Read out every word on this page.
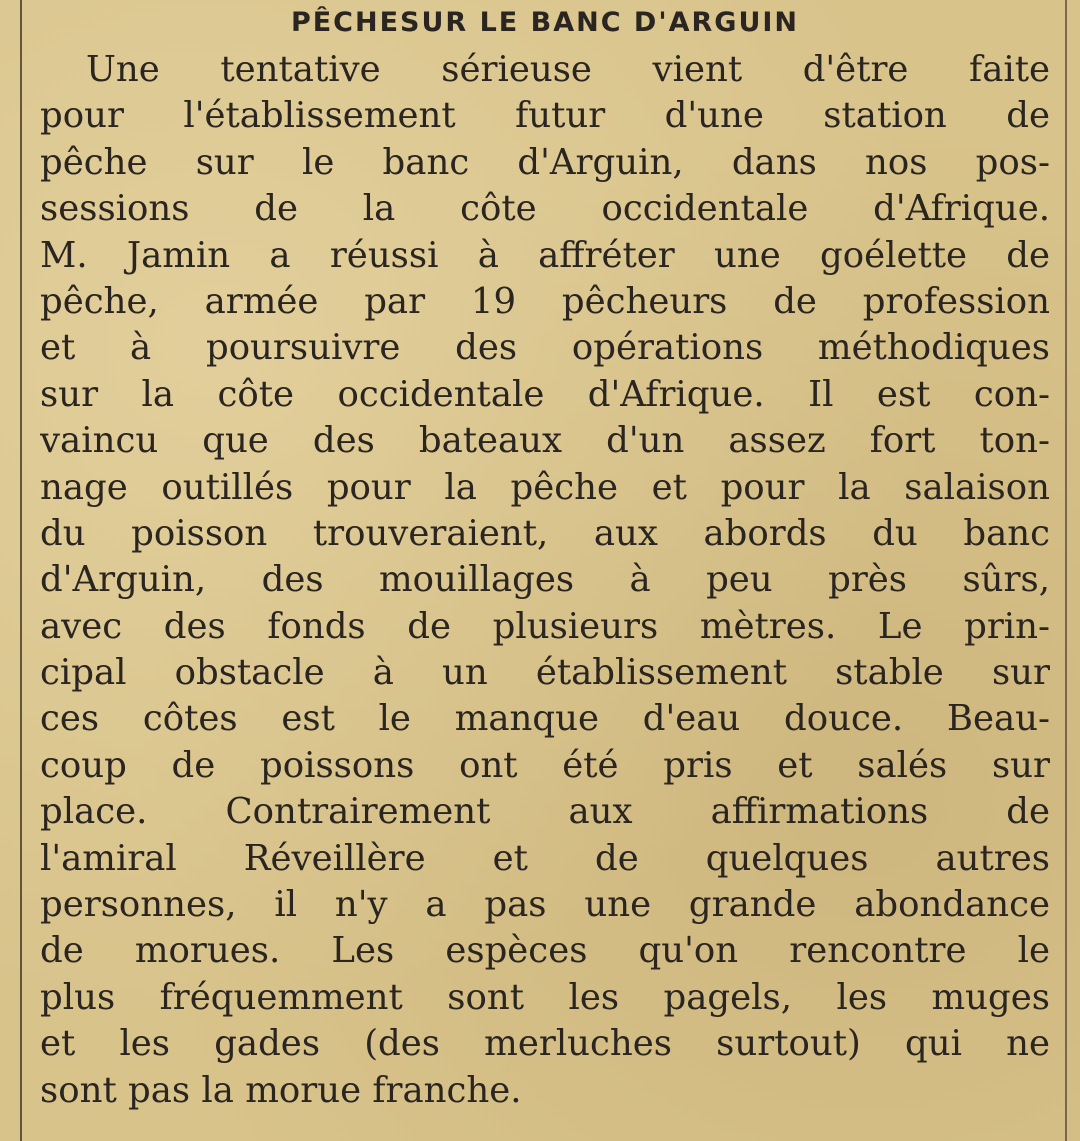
PÊCHESUR LE BANC D'ARGUIN
Une tentative sérieuse vient d'être faite
pour l'établissement futur d'une station de
pêche sur le banc d'Arguin, dans nos pos-
sessions de la côte occidentale d'Afrique.
M. Jamin a réussi à affréter une goélette de
pêche, armée par 19 pêcheurs de profession
et à poursuivre des opérations méthodiques
sur la côte occidentale d'Afrique. Il est con-
vaincu que des bateaux d'un assez fort ton-
nage outillés pour la pêche et pour la salaison
du poisson trouveraient, aux abords du banc
d'Arguin, des mouillages à peu près sûrs,
avec des fonds de plusieurs mètres. Le prin-
cipal obstacle à un établissement stable sur
ces côtes est le manque d'eau douce. Beau-
coup de poissons ont été pris et salés sur
place. Contrairement aux affirmations de
l'amiral Réveillère et de quelques autres
personnes, il n'y a pas une grande abondance
de morues. Les espèces qu'on rencontre le
plus fréquemment sont les pagels, les muges
et les gades (des merluches surtout) qui ne
sont pas la morue franche.
